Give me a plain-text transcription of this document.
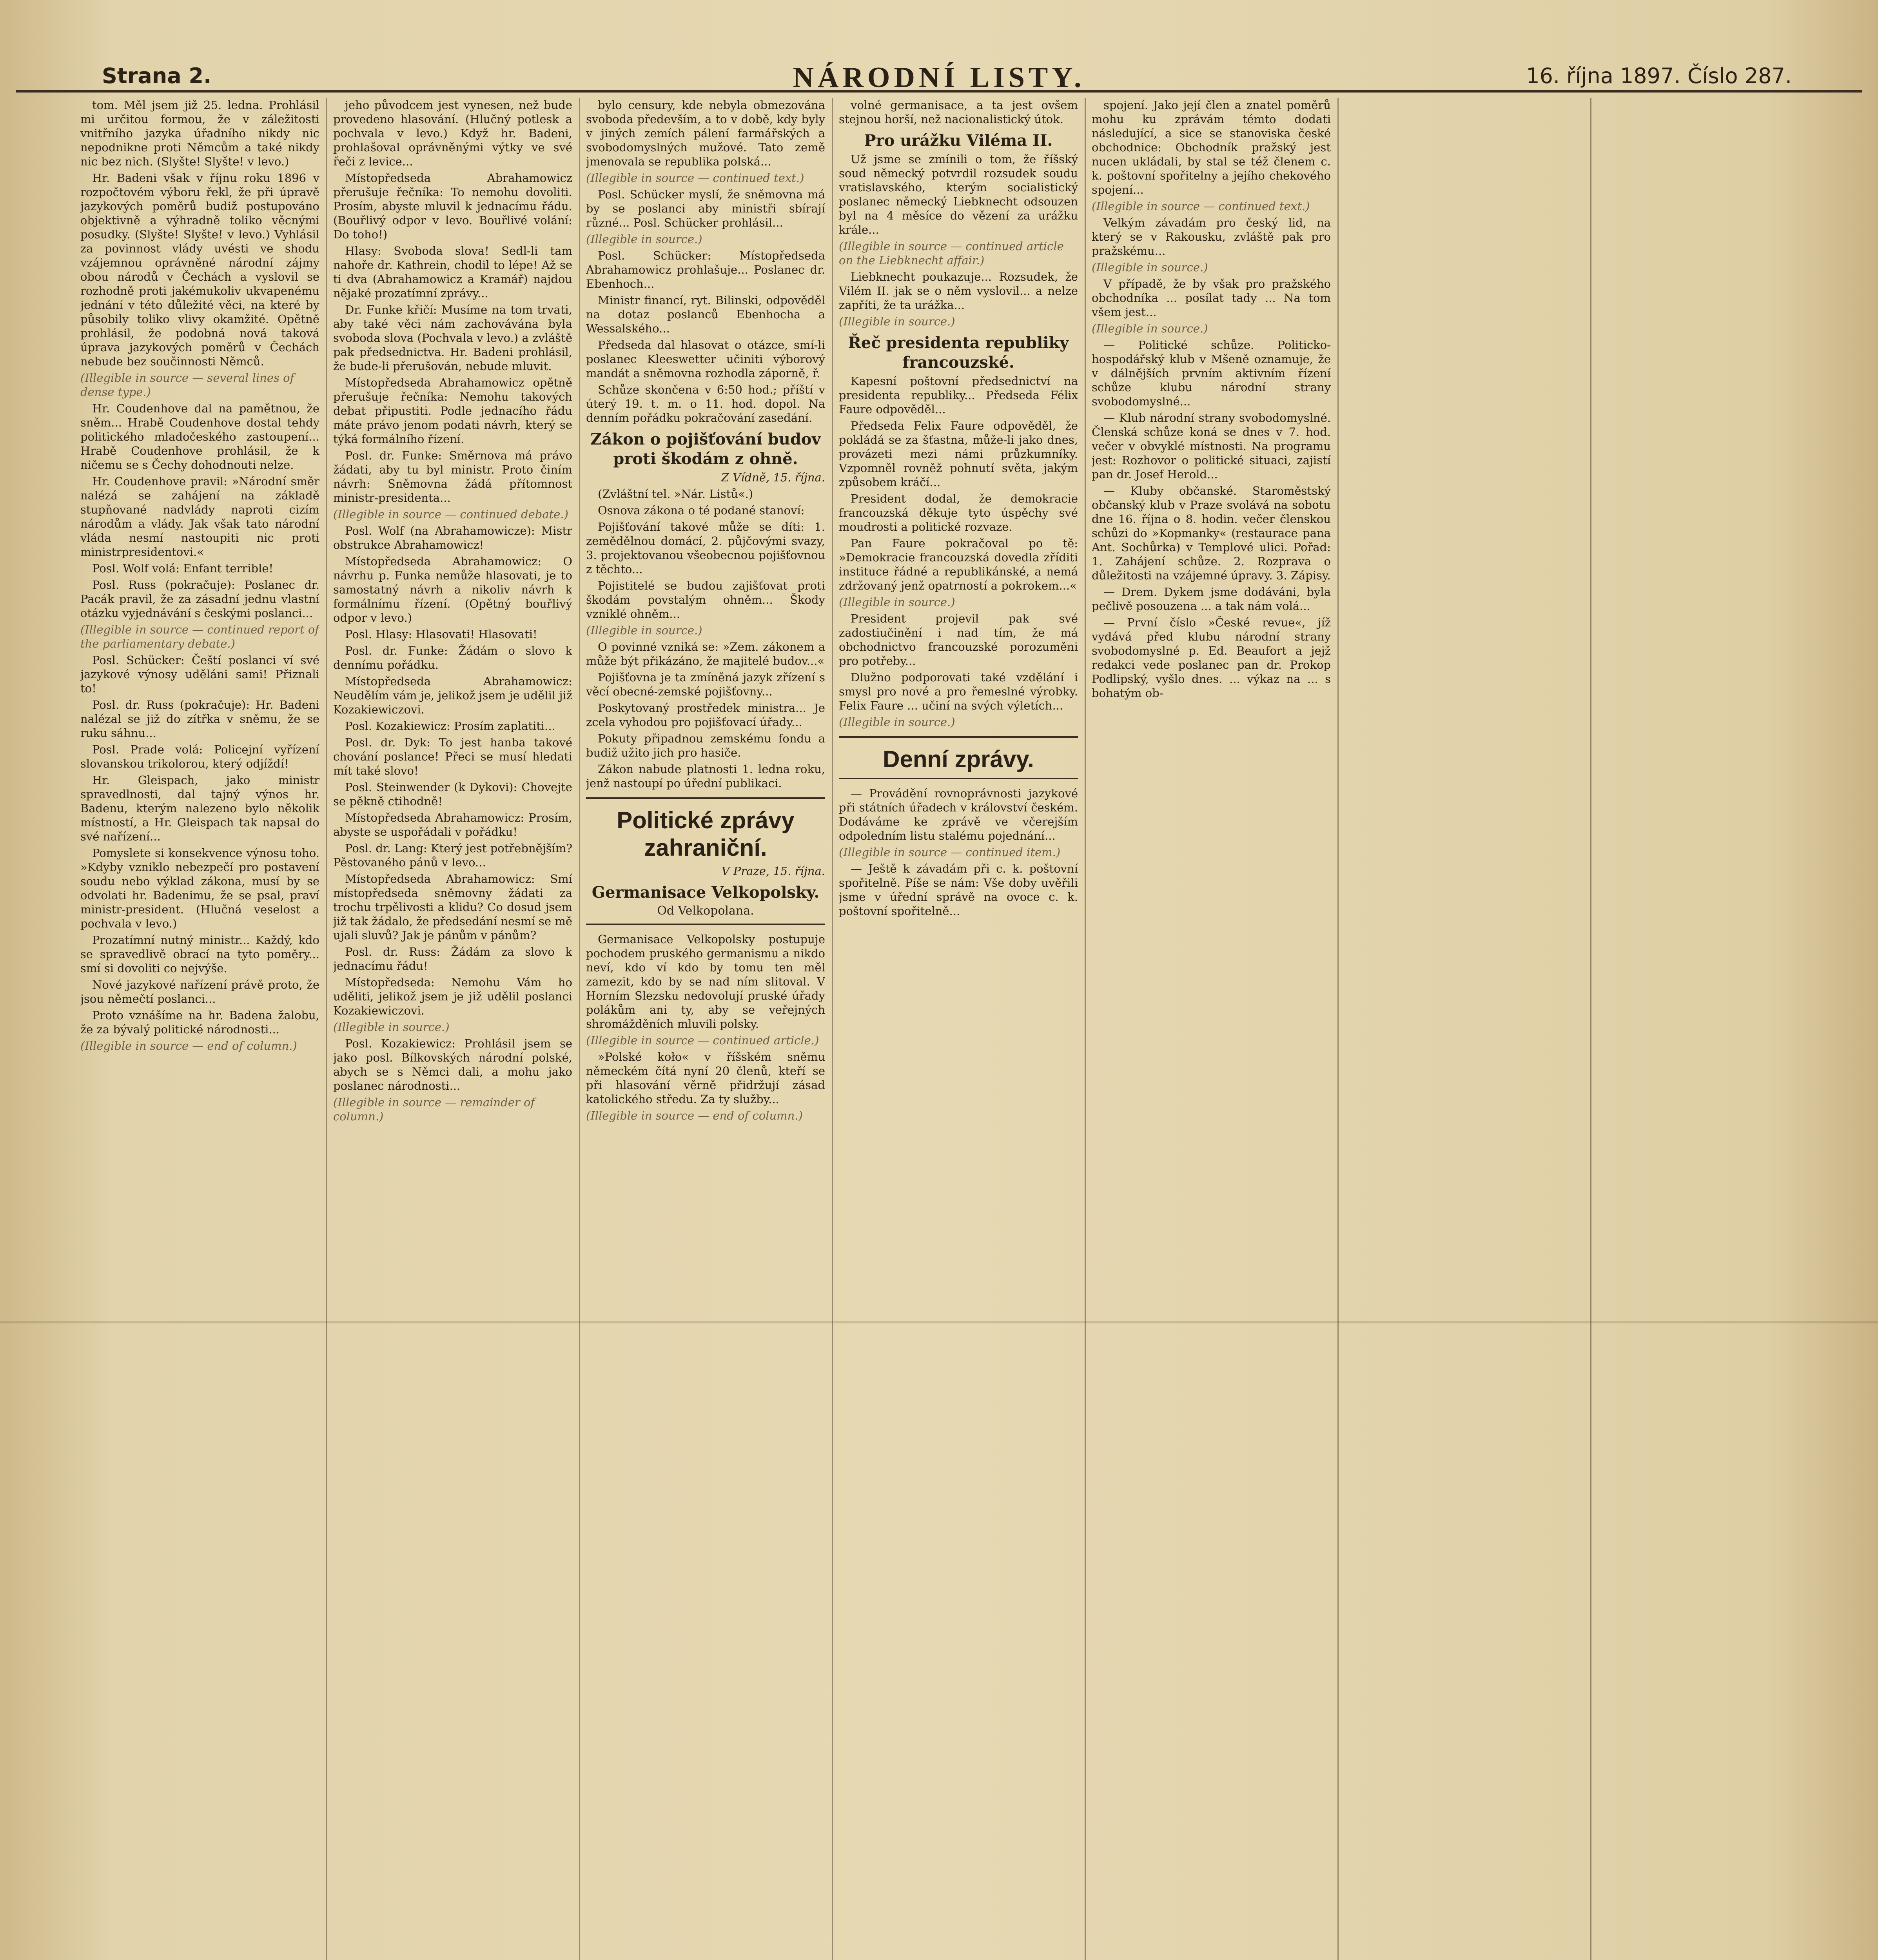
Strana 2.	NÁRODNÍ LISTY.	16. října 1897. Číslo 287.

tom. Měl jsem již 25. ledna. Prohlásil mi určitou formou, že v záležitosti vnitřního jazyka úřadního nikdy nic nepodnikne proti Němcům a také nikdy nic bez nich. (Slyšte! Slyšte! v levo.)

Hr. Badeni však v říjnu roku 1896 v rozpočtovém výboru řekl, že při úpravě jazykových poměrů budiž postupováno objektivně a výhradně toliko věcnými posudky. (Slyšte! Slyšte! v levo.) Vyhlásil za povinnost vlády uvésti ve shodu vzájemnou oprávněné národní zájmy obou národů v Čechách a vyslovil se rozhodně proti jakémukoliv ukvapenému jednání v této důležité věci, na které by působily toliko vlivy okamžité. Opětně prohlásil, že podobná nová taková úprava jazykových poměrů v Čechách nebude bez součinnosti Němců.

(Illegible in source — several lines of dense type.)

Hr. Coudenhove dal na pamětnou, že sněm... Hrabě Coudenhove dostal tehdy politického mladočeského zastoupení... Hrabě Coudenhove prohlásil, že k ničemu se s Čechy dohodnouti nelze.

Hr. Coudenhove pravil: »Národní směr nalézá se zahájení na základě stupňované nadvlády naproti cizím národům a vlády. Jak však tato národní vláda nesmí nastoupiti nic proti ministrpresidentovi.«

Posl. Wolf volá: Enfant terrible!

Posl. Russ (pokračuje): Poslanec dr. Pacák pravil, že za zásadní jednu vlastní otázku vyjednávání s českými poslanci...

(Illegible in source — continued report of the parliamentary debate.)

Posl. Schücker: Čeští poslanci ví své jazykové výnosy uděláni sami! Přiznali to!

Posl. dr. Russ (pokračuje): Hr. Badeni nalézal se již do zítřka v sněmu, že se ruku sáhnu...

Posl. Prade volá: Policejní vyřízení slovanskou trikolorou, který odjíždí!

Hr. Gleispach, jako ministr spravedlnosti, dal tajný výnos hr. Badenu, kterým nalezeno bylo několik místností, a Hr. Gleispach tak napsal do své nařízení...

Pomyslete si konsekvence výnosu toho. »Kdyby vzniklo nebezpečí pro postavení soudu nebo výklad zákona, musí by se odvolati hr. Badenimu, že se psal, praví ministr-president. (Hlučná veselost a pochvala v levo.)

Prozatímní nutný ministr... Každý, kdo se spravedlivě obrací na tyto poměry... smí si dovoliti co nejvýše.

Nové jazykové nařízení právě proto, že jsou němečtí poslanci...

Proto vznášíme na hr. Badena žalobu, že za bývalý politické národnosti...

(Illegible in source — end of column.)

jeho původcem jest vynesen, než bude provedeno hlasování. (Hlučný potlesk a pochvala v levo.) Když hr. Badeni, prohlašoval oprávněnými výtky ve své řeči z levice...

Místopředseda Abrahamowicz přerušuje řečníka: To nemohu dovoliti. Prosím, abyste mluvil k jednacímu řádu. (Bouřlivý odpor v levo. Bouřlivé volání: Do toho!)

Hlasy: Svoboda slova! Sedl-li tam nahoře dr. Kathrein, chodil to lépe! Až se ti dva (Abrahamowicz a Kramář) najdou nějaké prozatímní zprávy...

Dr. Funke křičí: Musíme na tom trvati, aby také věci nám zachovávána byla svoboda slova (Pochvala v levo.) a zvláště pak předsednictva. Hr. Badeni prohlásil, že bude-li přerušován, nebude mluvit.

Místopředseda Abrahamowicz opětně přerušuje řečníka: Nemohu takových debat připustiti. Podle jednacího řádu máte právo jenom podati návrh, který se týká formálního řízení.

Posl. dr. Funke: Směrnova má právo žádati, aby tu byl ministr. Proto činím návrh: Sněmovna žádá přítomnost ministr-presidenta...

(Illegible in source — continued debate.)

Posl. Wolf (na Abrahamowicze): Mistr obstrukce Abrahamowicz!

Místopředseda Abrahamowicz: O návrhu p. Funka nemůže hlasovati, je to samostatný návrh a nikoliv návrh k formálnímu řízení. (Opětný bouřlivý odpor v levo.)

Posl. Hlasy: Hlasovati! Hlasovati!

Posl. dr. Funke: Žádám o slovo k dennímu pořádku.

Místopředseda Abrahamowicz: Neudělím vám je, jelikož jsem je udělil již Kozakiewiczovi.

Posl. Kozakiewicz: Prosím zaplatiti...

Posl. dr. Dyk: To jest hanba takové chování poslance! Přeci se musí hledati mít také slovo!

Posl. Steinwender (k Dykovi): Chovejte se pěkně ctihodně!

Místopředseda Abrahamowicz: Prosím, abyste se uspořádali v pořádku!

Posl. dr. Lang: Který jest potřebnějším? Pěstovaného pánů v levo...

Místopředseda Abrahamowicz: Smí místopředseda sněmovny žádati za trochu trpělivosti a klidu? Co dosud jsem již tak žádalo, že předsedání nesmí se mě ujali sluvů? Jak je pánům v pánům?

Posl. dr. Russ: Žádám za slovo k jednacímu řádu!

Místopředseda: Nemohu Vám ho uděliti, jelikož jsem je již udělil poslanci Kozakiewiczovi.

(Illegible in source.)

Posl. Kozakiewicz: Prohlásil jsem se jako posl. Bílkovských národní polské, abych se s Němci dali, a mohu jako poslanec národnosti...

(Illegible in source — remainder of column.)

bylo censury, kde nebyla obmezována svoboda především, a to v době, kdy byly v jiných zemích pálení farmářských a svobodomyslných mužové. Tato země jmenovala se republika polská...

(Illegible in source — continued text.)

Posl. Schücker myslí, že sněmovna má by se poslanci aby ministři sbírají různé... Posl. Schücker prohlásil...

(Illegible in source.)

Posl. Schücker: Místopředseda Abrahamowicz prohlašuje... Poslanec dr. Ebenhoch...

Ministr financí, ryt. Bilinski, odpověděl na dotaz poslanců Ebenhocha a Wessalského...

Předseda dal hlasovat o otázce, smí-li poslanec Kleeswetter učiniti výborový mandát a sněmovna rozhodla záporně, ř.

Schůze skončena v 6:50 hod.; příští v úterý 19. t. m. o 11. hod. dopol. Na denním pořádku pokračování zasedání.

Zákon o pojišťování budov proti škodám z ohně.
Z Vídně, 15. října.

(Zvláštní tel. »Nár. Listů«.)

Osnova zákona o té podané stanoví:

Pojišťování takové může se díti: 1. zemědělnou domácí, 2. půjčovými svazy, 3. projektovanou všeobecnou pojišťovnou z těchto...

Pojistitelé se budou zajišťovat proti škodám povstalým ohněm... Škody vzniklé ohněm...

(Illegible in source.)

O povinné vzniká se: »Zem. zákonem a může být přikázáno, že majitelé budov...«

Pojišťovna je ta zmíněná jazyk zřízení s věcí obecné-zemské pojišťovny...

Poskytovaný prostředek ministra... Je zcela vyhodou pro pojišťovací úřady...

Pokuty připadnou zemskému fondu a budiž užito jich pro hasiče.

Zákon nabude platnosti 1. ledna roku, jenž nastoupí po úřední publikaci.

Politické zprávy zahraniční.
V Praze, 15. října.
Germanisace Velkopolsky.
Od Velkopolana.

Germanisace Velkopolsky postupuje pochodem pruského germanismu a nikdo neví, kdo ví kdo by tomu ten měl zamezit, kdo by se nad ním slitoval. V Horním Slezsku nedovolují pruské úřady polákům ani ty, aby se veřejných shromážděních mluvili polsky.

(Illegible in source — continued article.)

»Polské koło« v říšském sněmu německém čítá nyní 20 členů, kteří se při hlasování věrně přidržují zásad katolického středu. Za ty služby...

(Illegible in source — end of column.)

volné germanisace, a ta jest ovšem stejnou horší, než nacionalistický útok.

Pro urážku Viléma II.

Už jsme se zmínili o tom, že říšský soud německý potvrdil rozsudek soudu vratislavského, kterým socialistický poslanec německý Liebknecht odsouzen byl na 4 měsíce do vězení za urážku krále...

(Illegible in source — continued article on the Liebknecht affair.)

Liebknecht poukazuje... Rozsudek, že Vilém II. jak se o něm vyslovil... a nelze zapříti, že ta urážka...

(Illegible in source.)

Řeč presidenta republiky francouzské.

Kapesní poštovní předsednictví na presidenta republiky... Předseda Félix Faure odpověděl...

Předseda Felix Faure odpověděl, že pokládá se za šťastna, může-li jako dnes, provázeti mezi námi průzkumníky. Vzpomněl rovněž pohnutí světa, jakým způsobem kráčí...

President dodal, že demokracie francouzská děkuje tyto úspěchy své moudrosti a politické rozvaze.

Pan Faure pokračoval po tě: »Demokracie francouzská dovedla zříditi instituce řádné a republikánské, a nemá zdržovaný jenž opatrností a pokrokem...«

(Illegible in source.)

President projevil pak své zadostiučinění i nad tím, že má obchodnictvo francouzské porozuměni pro potřeby...

Dlužno podporovati také vzdělání i smysl pro nové a pro řemeslné výrobky. Felix Faure ... učiní na svých výletích...

(Illegible in source.)

Denní zprávy.

— Provádění rovnoprávnosti jazykové při státních úřadech v království českém. Dodáváme ke zprávě ve včerejším odpoledním listu stalému pojednání...

(Illegible in source — continued item.)

— Ještě k závadám při c. k. poštovní spořitelně. Píše se nám: Vše doby uvěřili jsme v úřední správě na ovoce c. k. poštovní spořitelně...

spojení. Jako její člen a znatel poměrů mohu ku zprávám témto dodati následující, a sice se stanoviska české obchodnice: Obchodník pražský jest nucen ukládali, by stal se též členem c. k. poštovní spořitelny a jejího chekového spojení...

(Illegible in source — continued text.)

Velkým závadám pro český lid, na který se v Rakousku, zvláště pak pro pražskému...

(Illegible in source.)

V případě, že by však pro pražského obchodníka ... posílat tady ... Na tom všem jest...

(Illegible in source.)

— Politické schůze. Politicko-hospodářský klub v Mšeně oznamuje, že v dálnějších prvním aktivním řízení schůze klubu národní strany svobodomyslné...

— Klub národní strany svobodomyslné. Členská schůze koná se dnes v 7. hod. večer v obvyklé místnosti. Na programu jest: Rozhovor o politické situaci, zajistí pan dr. Josef Herold...

— Kluby občanské. Staroměstský občanský klub v Praze svolává na sobotu dne 16. října o 8. hodin. večer členskou schůzi do »Kopmanky« (restaurace pana Ant. Sochůrka) v Templové ulici. Pořad: 1. Zahájení schůze. 2. Rozprava o důležitosti na vzájemné úpravy. 3. Zápisy.

— Drem. Dykem jsme dodáváni, byla pečlivě posouzena ... a tak nám volá...

— První číslo »České revue«, jíž vydává před klubu národní strany svobodomyslné p. Ed. Beaufort a jejž redakci vede poslanec pan dr. Prokop Podlipský, vyšlo dnes. ... výkaz na ... s bohatým ob-
